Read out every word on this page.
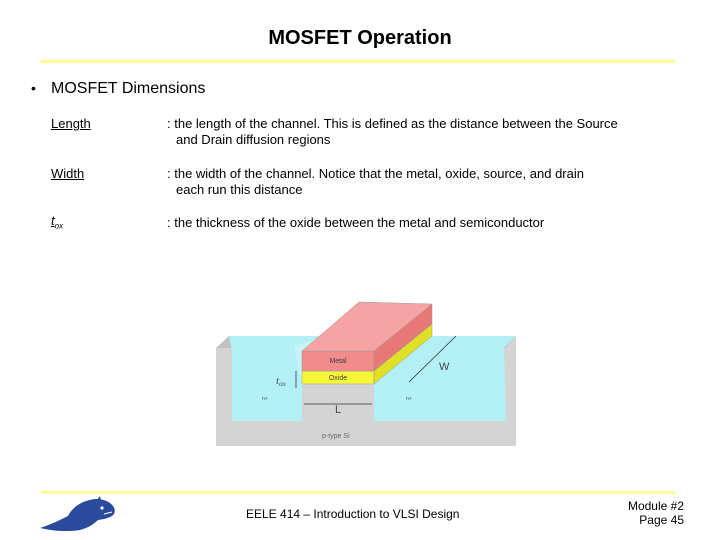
MOSFET Operation
• MOSFET Dimensions
Length	: the length of the channel. This is defined as the distance between the Source
and Drain diffusion regions
Width	: the width of the channel. Notice that the metal, oxide, source, and drain
each run this distance
$t_{ox}$	: the thickness of the oxide between the metal and semiconductor
Metal
Oxide
tox
W
L
n+	n+
p-type Si
EELE 414 – Introduction to VLSI Design
Module #2
Page 45
